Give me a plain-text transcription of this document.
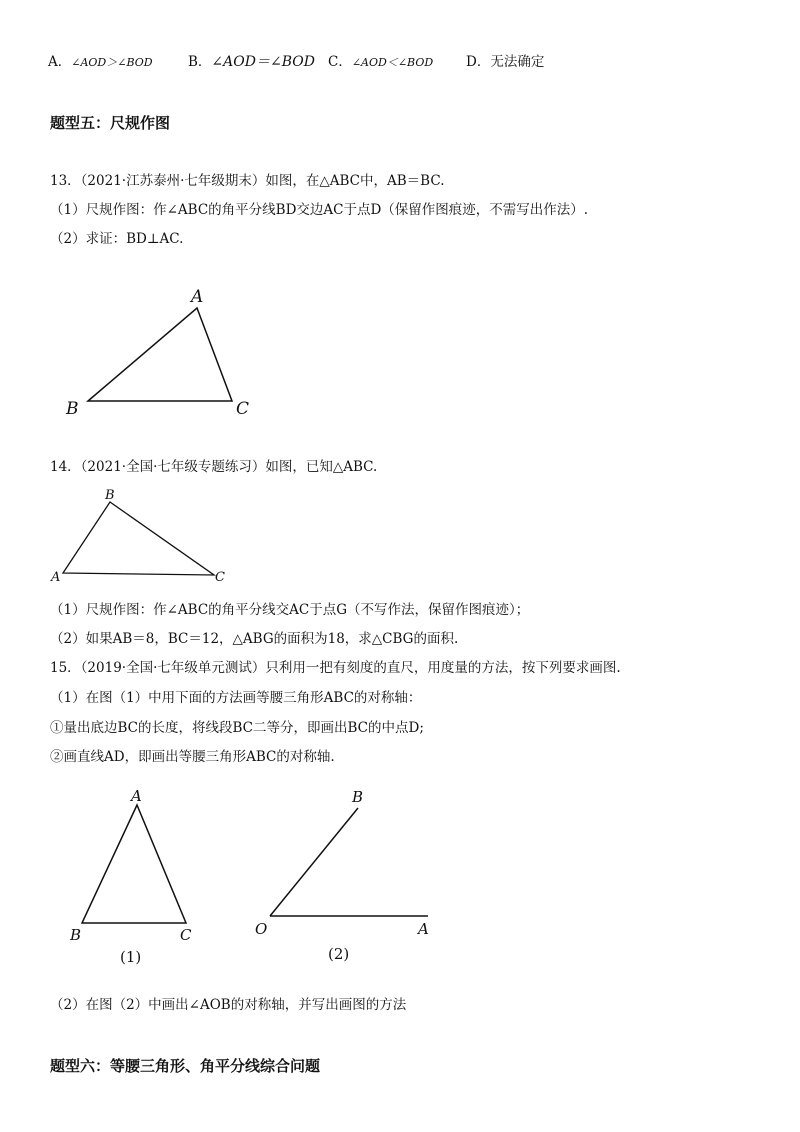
A．∠AOD＞∠BOD	B．∠AOD＝∠BOD C．∠AOD＜∠BOD D．无法确定
题型五：尺规作图
13．（2021·江苏泰州·七年级期末）如图，在△ABC中，AB＝BC.
（1）尺规作图：作∠ABC的角平分线BD交边AC于点D（保留作图痕迹，不需写出作法）.
（2）求证：BD⊥AC.
A
B	C
14．（2021·全国·七年级专题练习）如图，已知△ABC.
B
A	C
（1）尺规作图：作∠ABC的角平分线交AC于点G（不写作法，保留作图痕迹）；
（2）如果AB＝8，BC＝12，△ABG的面积为18，求△CBG的面积.
15．（2019·全国·七年级单元测试）只利用一把有刻度的直尺，用度量的方法，按下列要求画图.
（1）在图（1）中用下面的方法画等腰三角形ABC的对称轴：
①量出底边BC的长度，将线段BC二等分，即画出BC的中点D;
②画直线AD，即画出等腰三角形ABC的对称轴.
A
B	C
(1)
B
O	A
(2)
（2）在图（2）中画出∠AOB的对称轴，并写出画图的方法
题型六：等腰三角形、角平分线综合问题
